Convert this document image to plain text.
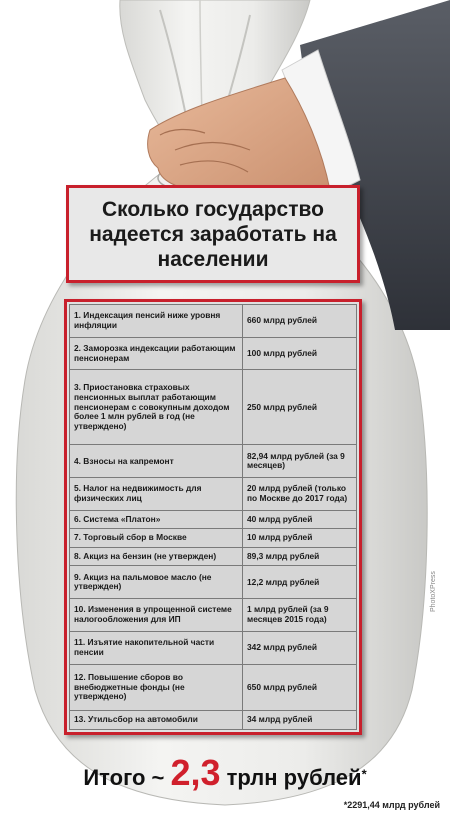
Сколько государство надеется заработать на населении
1. Индексация пенсий ниже уровня инфляции	660 млрд рублей
2. Заморозка индексации работающим пенсионерам	100 млрд рублей
3. Приостановка страховых пенсионных выплат работающим пенсионерам с совокупным доходом более 1 млн рублей в год (не утверждено)	250 млрд рублей
4. Взносы на капремонт	82,94 млрд рублей (за 9 месяцев)
5. Налог на недвижимость для физических лиц	20 млрд рублей (только по Москве до 2017 года)
6. Система «Платон»	40 млрд рублей
7. Торговый сбор в Москве	10 млрд рублей
8. Акциз на бензин (не утвержден)	89,3 млрд рублей
9. Акциз на пальмовое масло (не утвержден)	12,2 млрд рублей
10. Изменения в упрощенной системе налогообложения для ИП	1 млрд рублей (за 9 месяцев 2015 года)
11. Изъятие накопительной части пенсии	342 млрд рублей
12. Повышение сборов во внебюджетные фонды (не утверждено)	650 млрд рублей
13. Утильсбор на автомобили	34 млрд рублей
Итого ~ 2,3 трлн рублей*
*2291,44 млрд рублей
PhotoXPress
